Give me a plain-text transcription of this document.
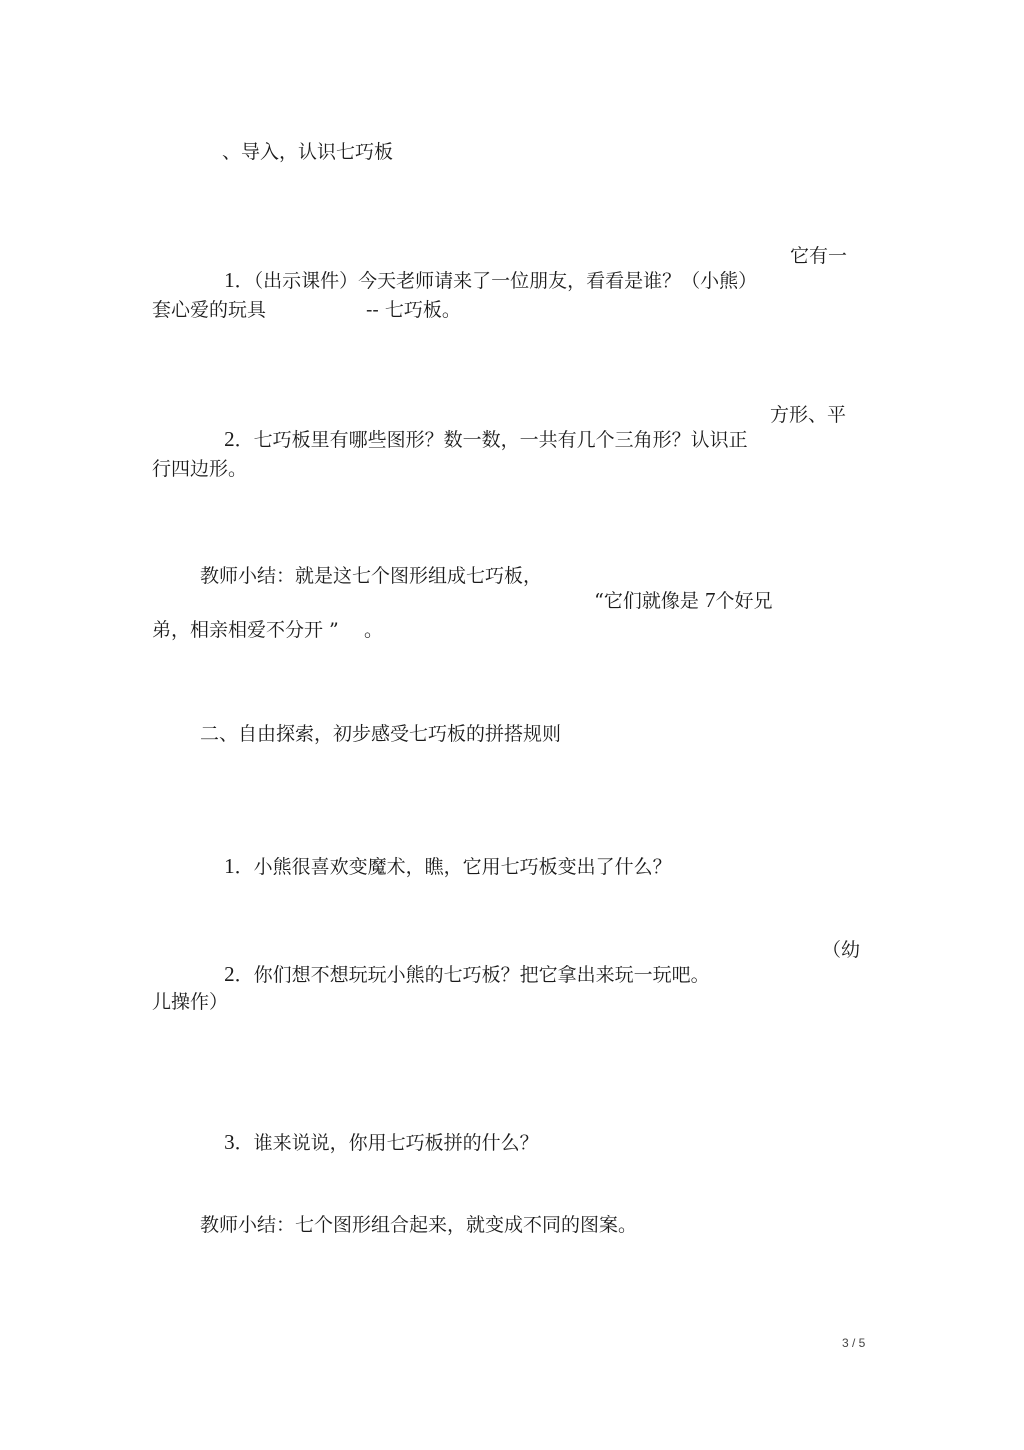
、导入，认识七巧板

1．（出示课件）今天老师请来了一位朋友，看看是谁？（小熊）

它有一
套心爱的玩具	-- 七巧板。

2．七巧板里有哪些图形？数一数，一共有几个三角形？认识正

方形、平
行四边形。
教师小结：就是这七个图形组成七巧板，

“它们就像是 7个好兄

弟，相亲相爱不分开 ” 。
二、自由探索，初步感受七巧板的拼搭规则

1．小熊很喜欢变魔术，瞧，它用七巧板变出了什么？

2．你们想不想玩玩小熊的七巧板？把它拿出来玩一玩吧。

（幼
儿操作）

3．谁来说说，你用七巧板拼的什么？

教师小结：七个图形组合起来，就变成不同的图案。
3 / 5
